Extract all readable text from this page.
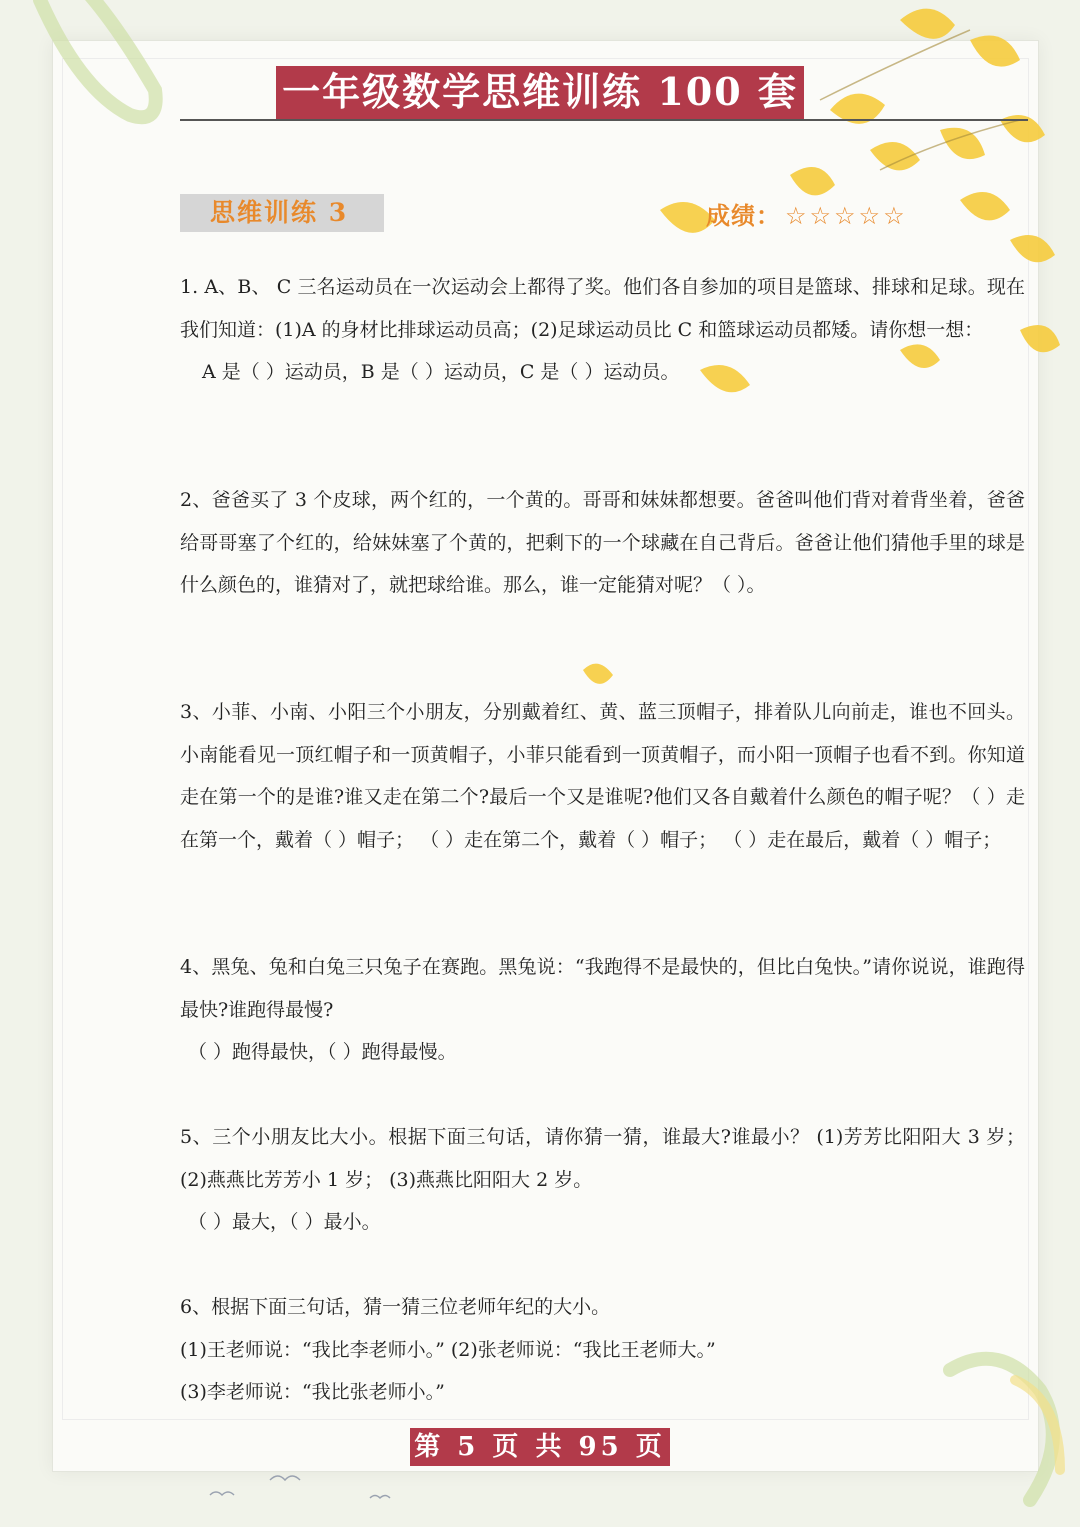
一年级数学思维训练 100 套
思维训练 3	成绩： ☆☆☆☆☆

1. A、B、 C 三名运动员在一次运动会上都得了奖。他们各自参加的项目是篮球、排球和足球。现在我们知道：(1)A 的身材比排球运动员高；(2)足球运动员比 C 和篮球运动员都矮。请你想一想：

A 是（ ）运动员，B 是（ ）运动员，C 是（ ）运动员。

2、爸爸买了 3 个皮球，两个红的，一个黄的。哥哥和妹妹都想要。爸爸叫他们背对着背坐着，爸爸给哥哥塞了个红的，给妹妹塞了个黄的，把剩下的一个球藏在自己背后。爸爸让他们猜他手里的球是什么颜色的，谁猜对了，就把球给谁。那么，谁一定能猜对呢？（ ）。

3、小菲、小南、小阳三个小朋友，分别戴着红、黄、蓝三顶帽子，排着队儿向前走，谁也不回头。小南能看见一顶红帽子和一顶黄帽子，小菲只能看到一顶黄帽子，而小阳一顶帽子也看不到。你知道走在第一个的是谁?谁又走在第二个?最后一个又是谁呢?他们又各自戴着什么颜色的帽子呢？（ ）走在第一个，戴着（ ）帽子； （ ）走在第二个，戴着（ ）帽子； （ ）走在最后，戴着（ ）帽子；

4、黑兔、兔和白兔三只兔子在赛跑。黑兔说：“我跑得不是最快的，但比白兔快。”请你说说，谁跑得最快?谁跑得最慢?

（ ）跑得最快，（ ）跑得最慢。

5、三个小朋友比大小。根据下面三句话，请你猜一猜，谁最大?谁最小？ (1)芳芳比阳阳大 3 岁； (2)燕燕比芳芳小 1 岁； (3)燕燕比阳阳大 2 岁。

（ ）最大，（ ）最小。

6、根据下面三句话，猜一猜三位老师年纪的大小。

(1)王老师说：“我比李老师小。” (2)张老师说：“我比王老师大。”

(3)李老师说：“我比张老师小。”

第 5 页 共 95 页
